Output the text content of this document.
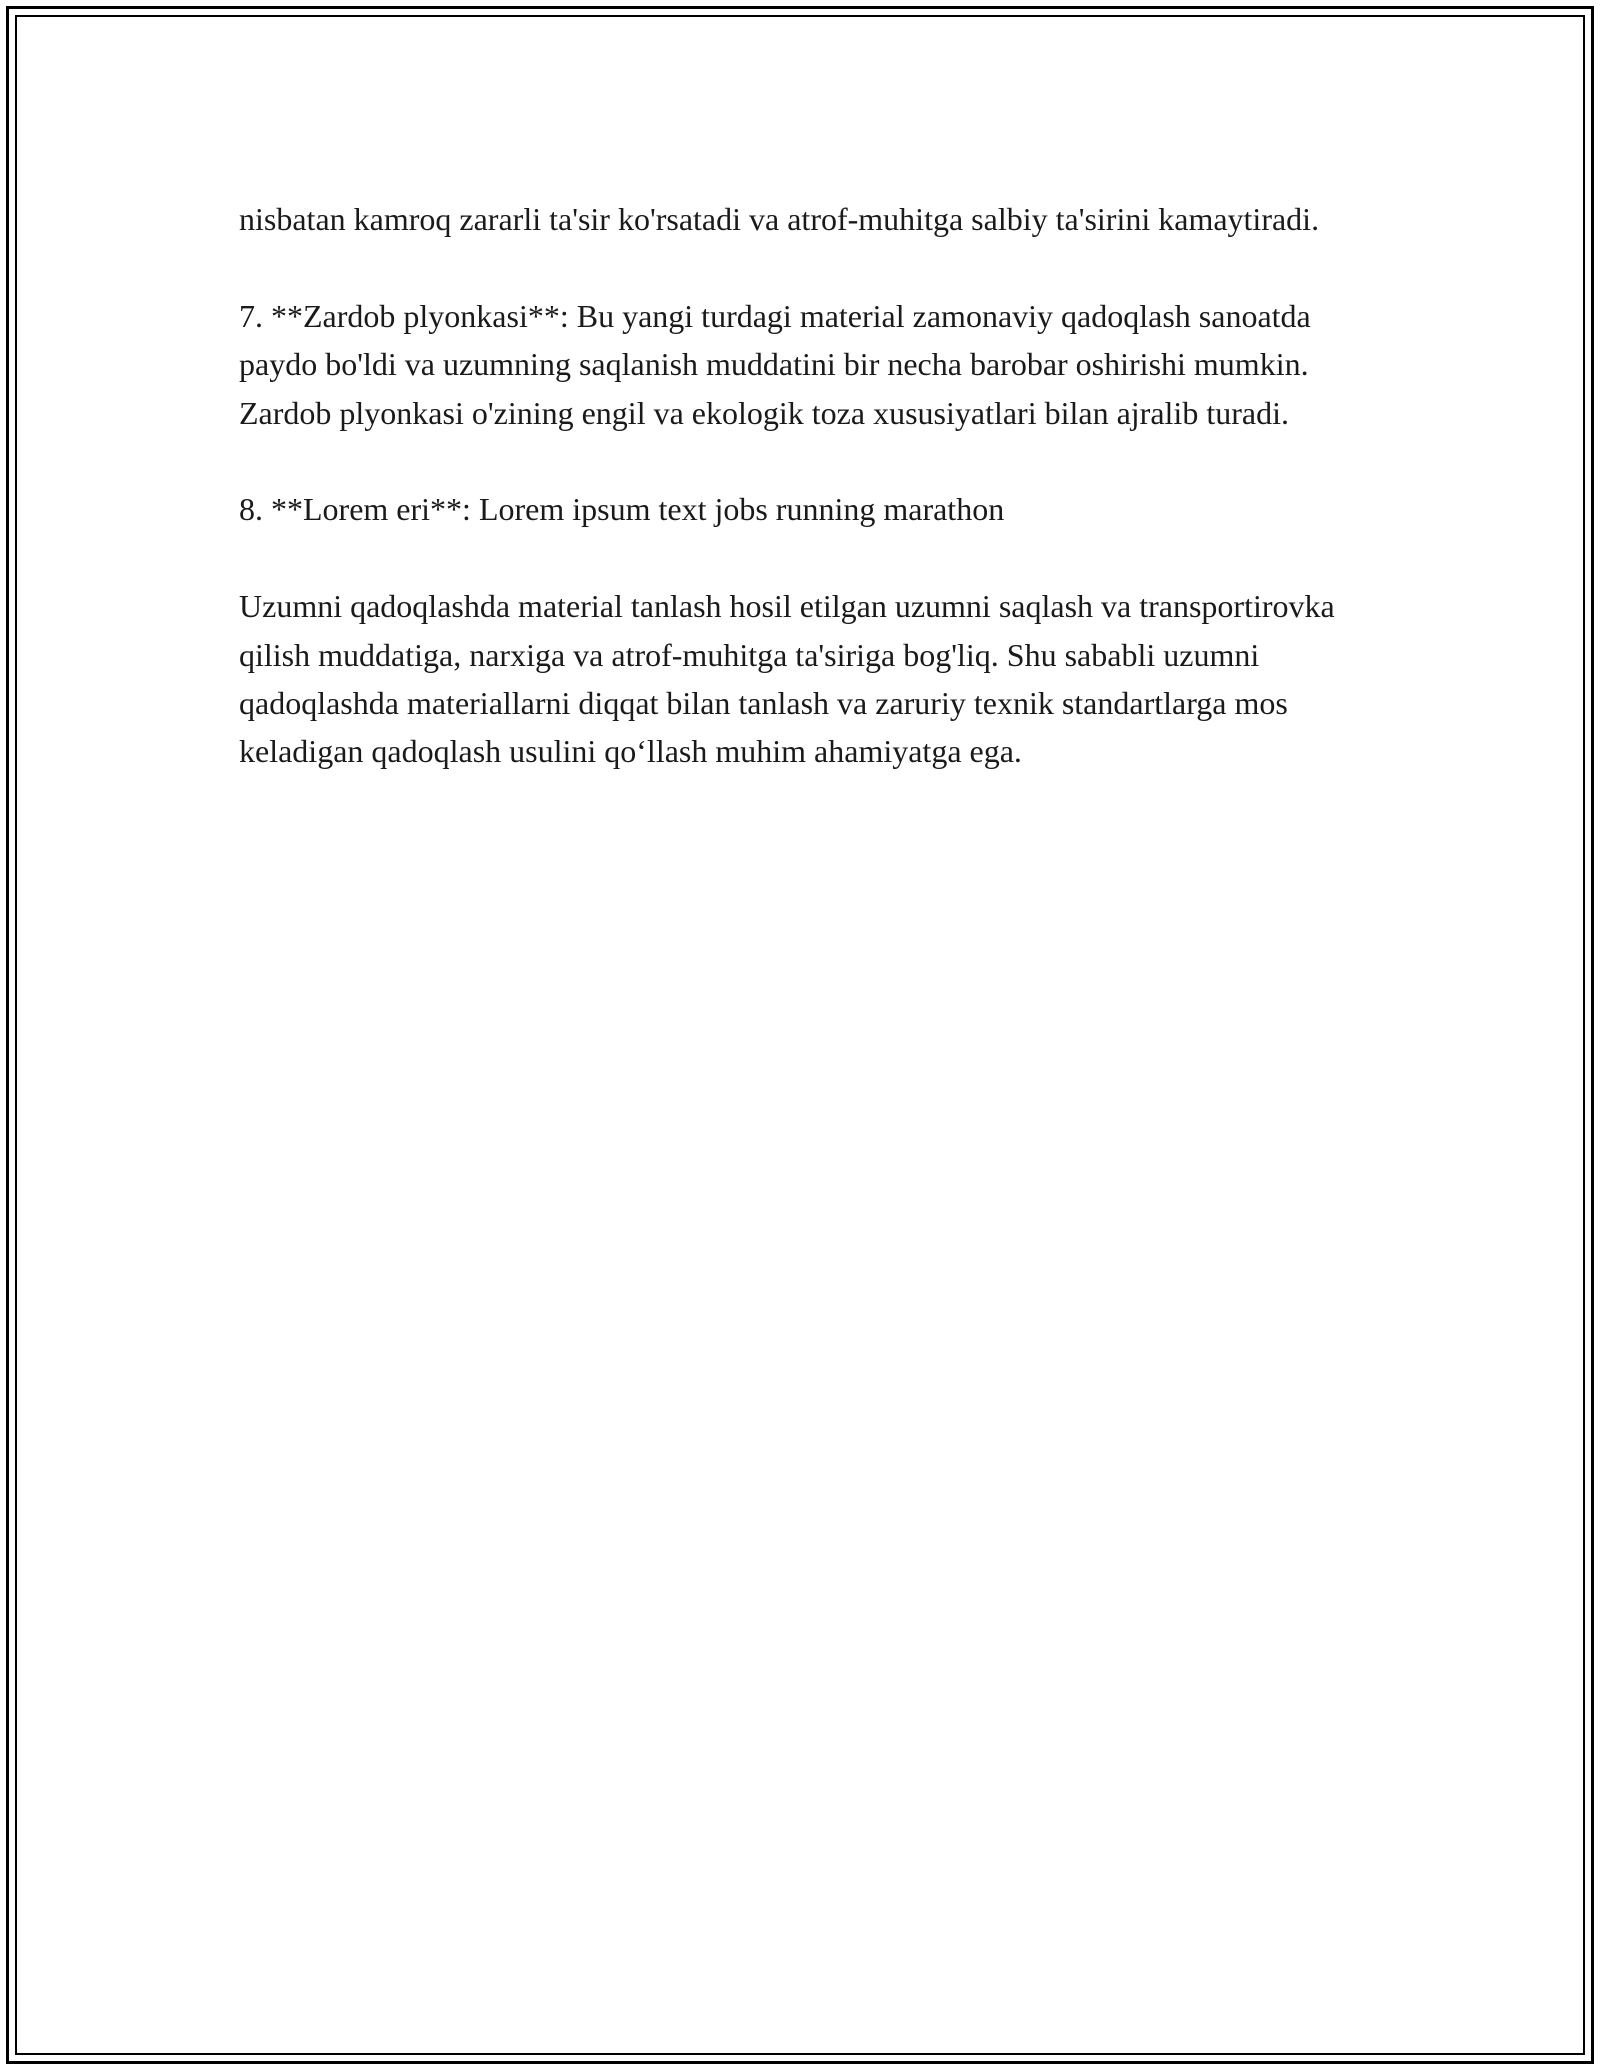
nisbatan kamroq zararli ta'sir ko'rsatadi va atrof-muhitga salbiy ta'sirini kamaytiradi.

7. **Zardob plyonkasi**: Bu yangi turdagi material zamonaviy qadoqlash sanoatda paydo bo'ldi va uzumning saqlanish muddatini bir necha barobar oshirishi mumkin. Zardob plyonkasi o'zining engil va ekologik toza xususiyatlari bilan ajralib turadi.

8. **Lorem eri**: Lorem ipsum text jobs running marathon

Uzumni qadoqlashda material tanlash hosil etilgan uzumni saqlash va transportirovka qilish muddatiga, narxiga va atrof-muhitga ta'siriga bog'liq. Shu sababli uzumni qadoqlashda materiallarni diqqat bilan tanlash va zaruriy texnik standartlarga mos keladigan qadoqlash usulini qo‘llash muhim ahamiyatga ega.
